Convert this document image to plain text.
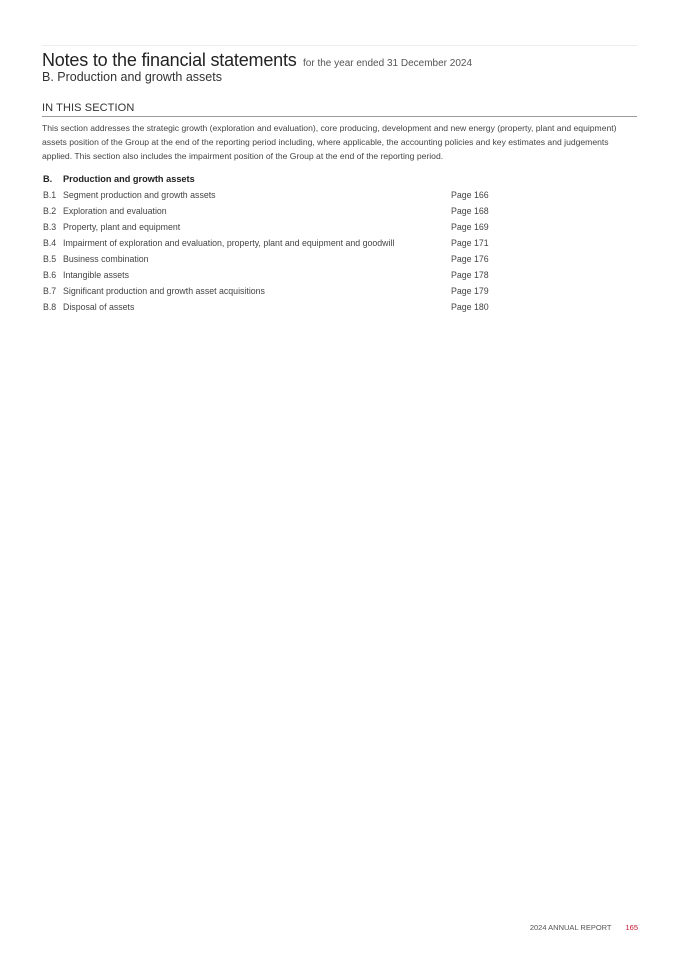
Notes to the financial statements for the year ended 31 December 2024
B. Production and growth assets
IN THIS SECTION

This section addresses the strategic growth (exploration and evaluation), core producing, development and new energy (property, plant and equipment) assets position of the Group at the end of the reporting period including, where applicable, the accounting policies and key estimates and judgements applied. This section also includes the impairment position of the Group at the end of the reporting period.

B. Production and growth assets
B.1 Segment production and growth assets	Page 166
B.2 Exploration and evaluation	Page 168
B.3 Property, plant and equipment	Page 169
B.4 Impairment of exploration and evaluation, property, plant and equipment and goodwill	Page 171
B.5 Business combination	Page 176
B.6 Intangible assets	Page 178
B.7 Significant production and growth asset acquisitions	Page 179
B.8 Disposal of assets	Page 180
2024 ANNUAL REPORT 165
